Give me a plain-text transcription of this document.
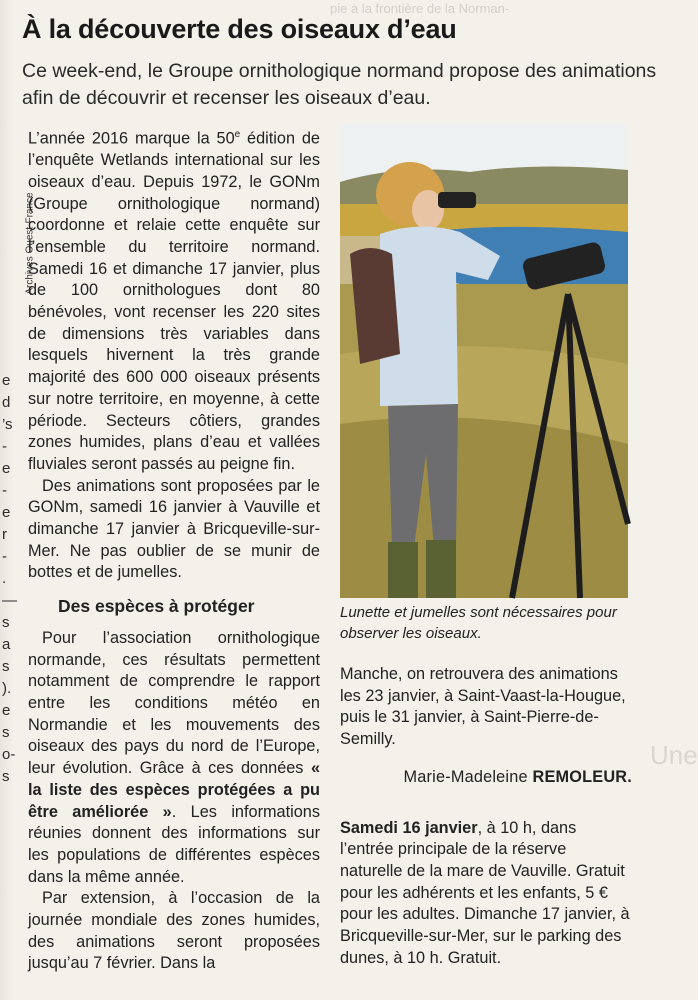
pie à la frontière de la Norman-
Une
e
d
’s
-
e
-
e
r
-
.
—
s
a
s
).
e
s
o-
s
Archives Ouest-France
À la découverte des oiseaux d’eau

Ce week-end, le Groupe ornithologique normand propose des animations afin de découvrir et recenser les oiseaux d’eau.

L’année 2016 marque la 50e édition de l’enquête Wetlands international sur les oiseaux d’eau. Depuis 1972, le GONm (Groupe ornithologique normand) coordonne et relaie cette enquête sur l’ensemble du territoire normand. Samedi 16 et dimanche 17 janvier, plus de 100 ornithologues dont 80 bénévoles, vont recenser les 220 sites de dimensions très variables dans lesquels hivernent la très grande majorité des 600 000 oiseaux présents sur notre territoire, en moyenne, à cette période. Secteurs côtiers, grandes zones humides, plans d’eau et vallées fluviales seront passés au peigne fin.

Des animations sont proposées par le GONm, samedi 16 janvier à Vauville et dimanche 17 janvier à Bricqueville-sur-Mer. Ne pas oublier de se munir de bottes et de jumelles.

Des espèces à protéger

Pour l’association ornithologique normande, ces résultats permettent notamment de comprendre le rapport entre les conditions météo en Normandie et les mouvements des oiseaux des pays du nord de l’Europe, leur évolution. Grâce à ces données « la liste des espèces protégées a pu être améliorée ». Les informations réunies donnent des informations sur les populations de différentes espèces dans la même année.

Par extension, à l’occasion de la journée mondiale des zones humides, des animations seront proposées jusqu’au 7 février. Dans la

Lunette et jumelles sont nécessaires pour observer les oiseaux.

Manche, on retrouvera des animations les 23 janvier, à Saint-Vaast-la-Hougue, puis le 31 janvier, à Saint-Pierre-de-Semilly.

Marie-Madeleine REMOLEUR.

Samedi 16 janvier, à 10 h, dans l’entrée principale de la réserve naturelle de la mare de Vauville. Gratuit pour les adhérents et les enfants, 5 € pour les adultes. Dimanche 17 janvier, à Bricqueville-sur-Mer, sur le parking des dunes, à 10 h. Gratuit.
